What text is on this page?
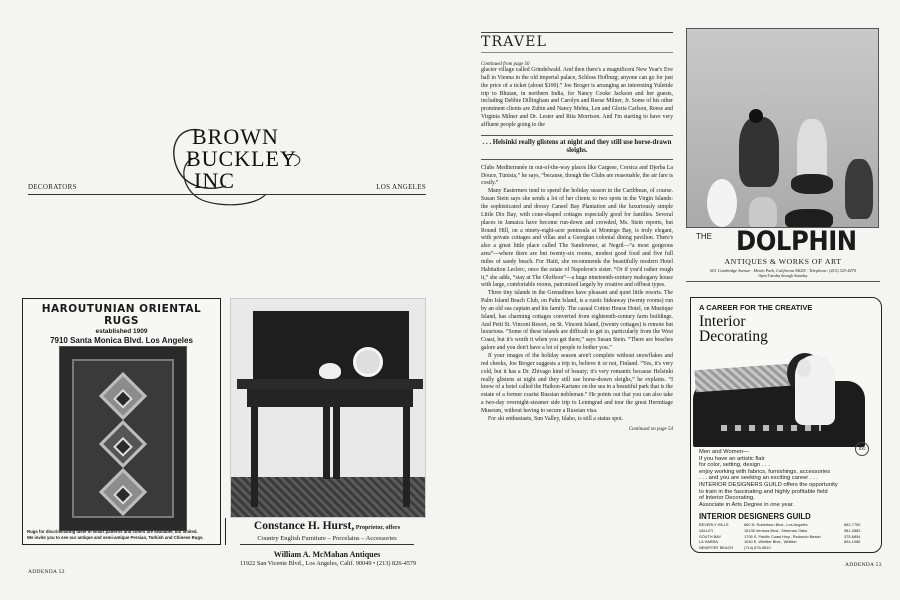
BROWN
BUCKLEY
INC
DECORATORS	LOS ANGELES
HAROUTUNIAN ORIENTAL RUGS
established 1909
7910 Santa Monica Blvd. Los Angeles
Rugs for discriminating taste in smart patterns and colors are available, but limited.
We invite you to see our antique and semi-antique Persian, Turkish and Chinese Rugs.
Constance H. Hurst, Proprietor, offers
Country English Furniture – Porcelains – Accessories
William A. McMahan Antiques
11922 San Vicente Blvd., Los Angeles, Calif. 90049 • (213) 826-4579
ADDENDA 52
TRAVEL
Continued from page 50

glacier village called Grindelwald. And then there's a magnificent New Year's Eve ball in Vienna in the old imperial palace, Schloss Hofburg; anyone can go for just the price of a ticket (about $100).” Joe Broger is arranging an interesting Yuletide trip to Bhutan, in northern India, for Nancy Cooke Jackson and her guests, including Debbie Dillingham and Carolyn and Reese Milner, Jr. Some of his other prominent clients are Zubin and Nancy Mehta, Len and Gloria Carlson, Reese and Virginia Milner and Dr. Lester and Rita Morrison. And I'm starting to have very affluent people going to the

. . . Helsinki really glistens at night and they still use horse-drawn sleighs.

Clubs Mediterranée in out-of-the-way places like Cargese, Corsica and Djerba La Douce, Tunisia,” he says, “because, though the Clubs are reasonable, the air fare is costly.”

Many Easterners tend to spend the holiday season in the Caribbean, of course. Susan Stein says she sends a lot of her clients to two spots in the Virgin Islands: the sophisticated and dressy Caneel Bay Plantation and the luxuriously simple Little Dix Bay, with cone-shaped cottages especially good for families. Several places in Jamaica have become run-down and crowded, Ms. Stein reports, but Round Hill, on a ninety-eight-acre peninsula at Montego Bay, is truly elegant, with private cottages and villas and a Georgian colonial dining pavilion. There's also a great little place called The Sundowner, at Negril—“a most gorgeous area”—where there are but twenty-six rooms, modest good food and five full miles of sandy beach. For Haiti, she recommends the beautifully modern Hotel Habitation Leclerc, once the estate of Napoleon's sister. “Or if you'd rather rough it,” she adds, “stay at The Oloffson”—a huge nineteenth-century mahogany house with large, comfortable rooms, patronized largely by creative and offbeat types.

Three tiny islands in the Grenadines have pleasant and quiet little resorts. The Palm Island Beach Club, on Palm Island, is a rustic hideaway (twenty rooms) run by an old sea captain and his family. The casual Cotton House Hotel, on Mustique Island, has charming cottages converted from eighteenth-century farm buildings. And Petit St. Vincent Resort, on St. Vincent Island, (twenty cottages) is remote but luxurious. “Some of these islands are difficult to get to, particularly from the West Coast, but it's worth it when you get there,” says Susan Stein. “There are beaches galore and you don't have a lot of people to bother you.”

If your images of the holiday season aren't complete without snowflakes and red cheeks, Joe Broger suggests a trip to, believe it or not, Finland. “Yes, it's very cold, but it has a Dr. Zhivago kind of beauty; it's very romantic because Helsinki really glistens at night and they still use horse-drawn sleighs,” he explains. “I know of a hotel called the Haikon-Kartano on the sea in a beautiful park that is the estate of a former czarist Russian nobleman.” He points out that you can also take a two-day overnight-steamer side trip to Leningrad and tour the great Hermitage Museum, without having to secure a Russian visa.

For ski enthusiasts, Sun Valley, Idaho, is still a status spot.

Continued on page 54
THE DOLPHIN
ANTIQUES & WORKS OF ART
601 Cambridge Avenue · Menlo Park, California 94025 · Telephone: (415) 325-4470
Open Tuesday through Saturday
A CAREER FOR THE CREATIVE
Interior
Decorating
IDG
Men and Women—
If you have an artistic flair
for color, setting, design . . .
enjoy working with fabrics, furnishings, accessories
. . . and you are seeking an exciting career . . .
INTERIOR DESIGNERS GUILD offers the opportunity
to train in the fascinating and highly profitable field
of Interior Decorating.
Associate in Arts Degree in one year.
INTERIOR DESIGNERS GUILD
BEVERLY HILLS	660 N. Robertson Blvd., Los Angeles	652-7750
VALLEY	15135 Ventura Blvd., Sherman Oaks	981-2882
SOUTH BAY	1705 S. Pacific Coast Hwy., Redondo Beach	375-6854
LA HABRA	1040 E. Whittier Blvd., Whittier	694-1086
NEWPORT BEACH	(714) 675-9610
ADDENDA 53
